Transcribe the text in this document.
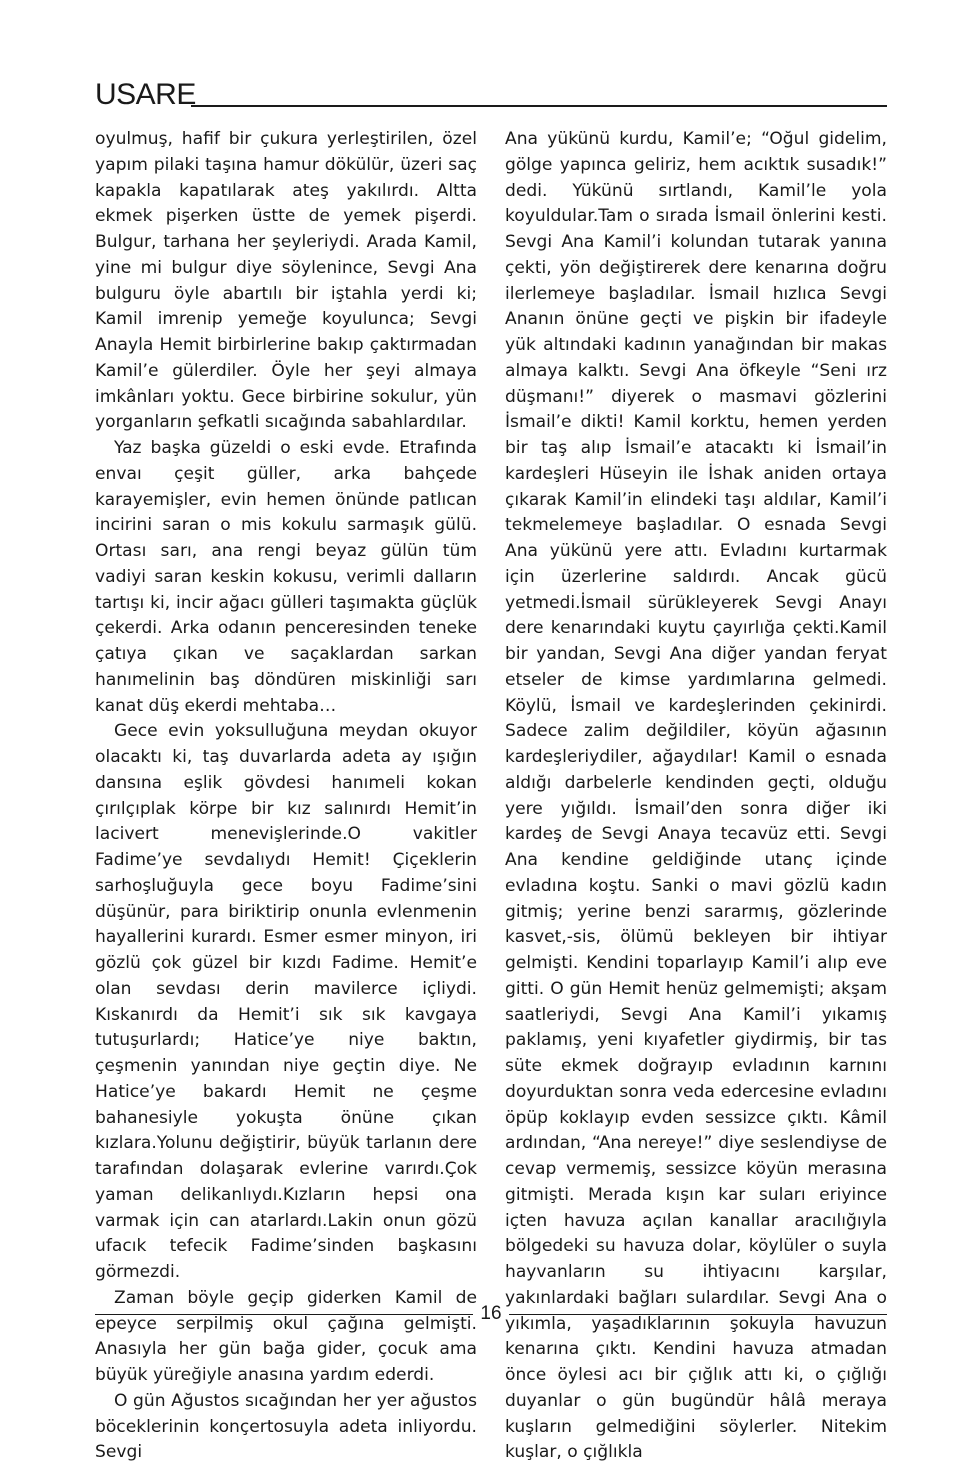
USARE

oyulmuş, hafif bir çukura yerleştirilen, özel yapım pilaki taşına hamur dökülür, üzeri saç kapakla kapatılarak ateş yakılırdı. Altta ekmek pişerken üstte de yemek pişerdi. Bulgur, tarhana her şeyleriydi. Arada Kamil, yine mi bulgur diye söylenince, Sevgi Ana bulguru öyle abartılı bir iştahla yerdi ki; Kamil imrenip yemeğe koyulunca; Sevgi Anayla Hemit birbirlerine bakıp çaktırmadan Kamil’e gülerdiler. Öyle her şeyi almaya imkânları yoktu. Gece birbirine sokulur, yün yorganların şefkatli sıcağında sabahlardılar.

Yaz başka güzeldi o eski evde. Etrafında envaı çeşit güller, arka bahçede karayemişler, evin hemen önünde patlıcan incirini saran o mis kokulu sarmaşık gülü. Ortası sarı, ana rengi beyaz gülün tüm vadiyi saran keskin kokusu, verimli dalların tartışı ki, incir ağacı gülleri taşımakta güçlük çekerdi. Arka odanın penceresinden teneke çatıya çıkan ve saçaklardan sarkan hanımelinin baş döndüren miskinliği sarı kanat düş ekerdi mehtaba…

Gece evin yoksulluğuna meydan okuyor olacaktı ki, taş duvarlarda adeta ay ışığın dansına eşlik gövdesi hanımeli kokan çırılçıplak körpe bir kız salınırdı Hemit’in lacivert menevişlerinde.O vakitler Fadime’ye sevdalıydı Hemit! Çiçeklerin sarhoşluğuyla gece boyu Fadime’sini düşünür, para biriktirip onunla evlenmenin hayallerini kurardı. Esmer esmer minyon, iri gözlü çok güzel bir kızdı Fadime. Hemit’e olan sevdası derin mavilerce içliydi. Kıskanırdı da Hemit’i sık sık kavgaya tutuşurlardı; Hatice’ye niye baktın, çeşmenin yanından niye geçtin diye. Ne Hatice’ye bakardı Hemit ne çeşme bahanesiyle yokuşta önüne çıkan kızlara.Yolunu değiştirir, büyük tarlanın dere tarafından dolaşarak evlerine varırdı.Çok yaman delikanlıydı.Kızların hepsi ona varmak için can atarlardı.Lakin onun gözü ufacık tefecik Fadime’sinden başkasını görmezdi.

Zaman böyle geçip giderken Kamil de epeyce serpilmiş okul çağına gelmişti. Anasıyla her gün bağa gider, çocuk ama büyük yüreğiyle anasına yardım ederdi.

O gün Ağustos sıcağından her yer ağustos böceklerinin konçertosuyla adeta inliyordu. Sevgi

Ana yükünü kurdu, Kamil’e; “Oğul gidelim, gölge yapınca geliriz, hem acıktık susadık!” dedi. Yükünü sırtlandı, Kamil’le yola koyuldular.Tam o sırada İsmail önlerini kesti. Sevgi Ana Kamil’i kolundan tutarak yanına çekti, yön değiştirerek dere kenarına doğru ilerlemeye başladılar. İsmail hızlıca Sevgi Ananın önüne geçti ve pişkin bir ifadeyle yük altındaki kadının yanağından bir makas almaya kalktı. Sevgi Ana öfkeyle “Seni ırz düşmanı!” diyerek o masmavi gözlerini İsmail’e dikti! Kamil korktu, hemen yerden bir taş alıp İsmail’e atacaktı ki İsmail’in kardeşleri Hüseyin ile İshak aniden ortaya çıkarak Kamil’in elindeki taşı aldılar, Kamil’i tekmelemeye başladılar. O esnada Sevgi Ana yükünü yere attı. Evladını kurtarmak için üzerlerine saldırdı. Ancak gücü yetmedi.İsmail sürükleyerek Sevgi Anayı dere kenarındaki kuytu çayırlığa çekti.Kamil bir yandan, Sevgi Ana diğer yandan feryat etseler de kimse yardımlarına gelmedi. Köylü, İsmail ve kardeşlerinden çekinirdi. Sadece zalim değildiler, köyün ağasının kardeşleriydiler, ağaydılar! Kamil o esnada aldığı darbelerle kendinden geçti, olduğu yere yığıldı. İsmail’den sonra diğer iki kardeş de Sevgi Anaya tecavüz etti. Sevgi Ana kendine geldiğinde utanç içinde evladına koştu. Sanki o mavi gözlü kadın gitmiş; yerine benzi sararmış, gözlerinde kasvet,-sis, ölümü bekleyen bir ihtiyar gelmişti. Kendini toparlayıp Kamil’i alıp eve gitti. O gün Hemit henüz gelmemişti; akşam saatleriydi, Sevgi Ana Kamil’i yıkamış paklamış, yeni kıyafetler giydirmiş, bir tas süte ekmek doğrayıp evladının karnını doyurduktan sonra veda edercesine evladını öpüp koklayıp evden sessizce çıktı. Kâmil ardından, “Ana nereye!” diye seslendiyse de cevap vermemiş, sessizce köyün merasına gitmişti. Merada kışın kar suları eriyince içten havuza açılan kanallar aracılığıyla bölgedeki su havuza dolar, köylüler o suyla hayvanların su ihtiyacını karşılar, yakınlardaki bağları sulardılar. Sevgi Ana o yıkımla, yaşadıklarının şokuyla havuzun kenarına çıktı. Kendini havuza atmadan önce öylesi acı bir çığlık attı ki, o çığlığı duyanlar o gün bugündür hâlâ meraya kuşların gelmediğini söylerler. Nitekim kuşlar, o çığlıkla

16
